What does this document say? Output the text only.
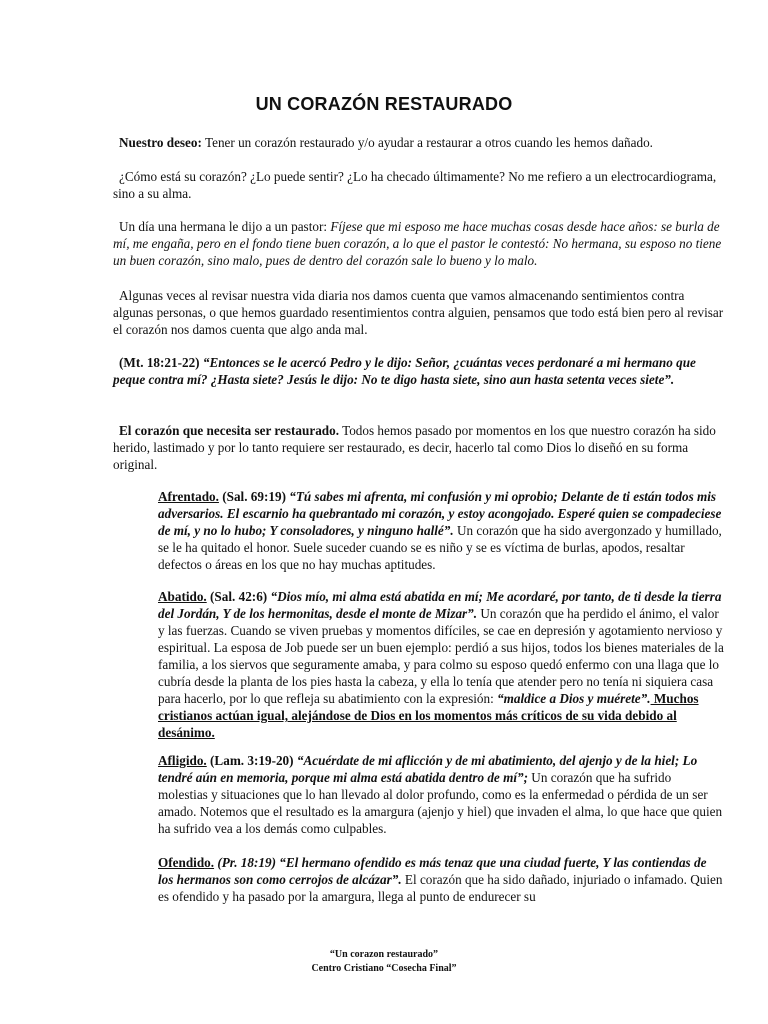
UN CORAZÓN RESTAURADO
Nuestro deseo: Tener un corazón restaurado y/o ayudar a restaurar a otros cuando les hemos dañado.
¿Cómo está su corazón? ¿Lo puede sentir? ¿Lo ha checado últimamente? No me refiero a un electrocardiograma, sino a su alma.
Un día una hermana le dijo a un pastor: Fíjese que mi esposo me hace muchas cosas desde hace años: se burla de mí, me engaña, pero en el fondo tiene buen corazón, a lo que el pastor le contestó: No hermana, su esposo no tiene un buen corazón, sino malo, pues de dentro del corazón sale lo bueno y lo malo.
Algunas veces al revisar nuestra vida diaria nos damos cuenta que vamos almacenando sentimientos contra algunas personas, o que hemos guardado resentimientos contra alguien, pensamos que todo está bien pero al revisar el corazón nos damos cuenta que algo anda mal.
(Mt. 18:21-22) “Entonces se le acercó Pedro y le dijo: Señor, ¿cuántas veces perdonaré a mi hermano que peque contra mí? ¿Hasta siete? Jesús le dijo: No te digo hasta siete, sino aun hasta setenta veces siete”.
El corazón que necesita ser restaurado. Todos hemos pasado por momentos en los que nuestro corazón ha sido herido, lastimado y por lo tanto requiere ser restaurado, es decir, hacerlo tal como Dios lo diseñó en su forma original.
Afrentado. (Sal. 69:19) “Tú sabes mi afrenta, mi confusión y mi oprobio; Delante de ti están todos mis adversarios. El escarnio ha quebrantado mi corazón, y estoy acongojado. Esperé quien se compadeciese de mí, y no lo hubo; Y consoladores, y ninguno hallé”. Un corazón que ha sido avergonzado y humillado, se le ha quitado el honor. Suele suceder cuando se es niño y se es víctima de burlas, apodos, resaltar defectos o áreas en los que no hay muchas aptitudes.
Abatido. (Sal. 42:6) “Dios mío, mi alma está abatida en mí; Me acordaré, por tanto, de ti desde la tierra del Jordán, Y de los hermonitas, desde el monte de Mizar”. Un corazón que ha perdido el ánimo, el valor y las fuerzas. Cuando se viven pruebas y momentos difíciles, se cae en depresión y agotamiento nervioso y espiritual. La esposa de Job puede ser un buen ejemplo: perdió a sus hijos, todos los bienes materiales de la familia, a los siervos que seguramente amaba, y para colmo su esposo quedó enfermo con una llaga que lo cubría desde la planta de los pies hasta la cabeza, y ella lo tenía que atender pero no tenía ni siquiera casa para hacerlo, por lo que refleja su abatimiento con la expresión: “maldice a Dios y muérete”. Muchos cristianos actúan igual, alejándose de Dios en los momentos más críticos de su vida debido al desánimo.
Afligido. (Lam. 3:19-20) “Acuérdate de mi aflicción y de mi abatimiento, del ajenjo y de la hiel; Lo tendré aún en memoria, porque mi alma está abatida dentro de mí”; Un corazón que ha sufrido molestias y situaciones que lo han llevado al dolor profundo, como es la enfermedad o pérdida de un ser amado. Notemos que el resultado es la amargura (ajenjo y hiel) que invaden el alma, lo que hace que quien ha sufrido vea a los demás como culpables.
Ofendido. (Pr. 18:19) “El hermano ofendido es más tenaz que una ciudad fuerte, Y las contiendas de los hermanos son como cerrojos de alcázar”. El corazón que ha sido dañado, injuriado o infamado. Quien es ofendido y ha pasado por la amargura, llega al punto de endurecer su
“Un corazon restaurado”
Centro Cristiano “Cosecha Final”
